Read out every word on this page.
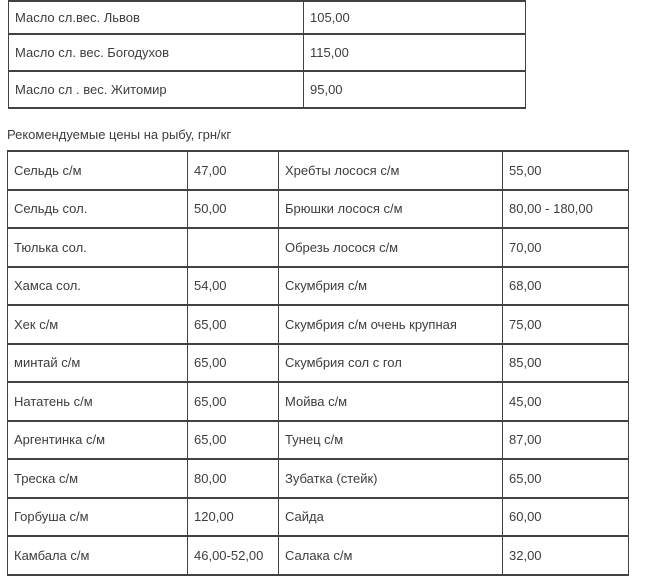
Масло сл.вес. Львов	105,00
Масло сл. вес. Богодухов	115,00
Масло сл . вес. Житомир	95,00
Рекомендуемые цены на рыбу, грн/кг
Сельдь с/м	47,00	Хребты лосося с/м	55,00
Сельдь сол.	50,00	Брюшки лосося с/м	80,00 - 180,00
Тюлька сол.		Обрезь лосося с/м	70,00
Хамса сол.	54,00	Скумбрия с/м	68,00
Хек с/м	65,00	Скумбрия с/м очень крупная	75,00
минтай с/м	65,00	Скумбрия сол с гол	85,00
Нататень с/м	65,00	Мойва с/м	45,00
Аргентинка с/м	65,00	Тунец с/м	87,00
Треска с/м	80,00	Зубатка (стейк)	65,00
Горбуша с/м	120,00	Сайда	60,00
Камбала с/м	46,00-52,00	Салака с/м	32,00
